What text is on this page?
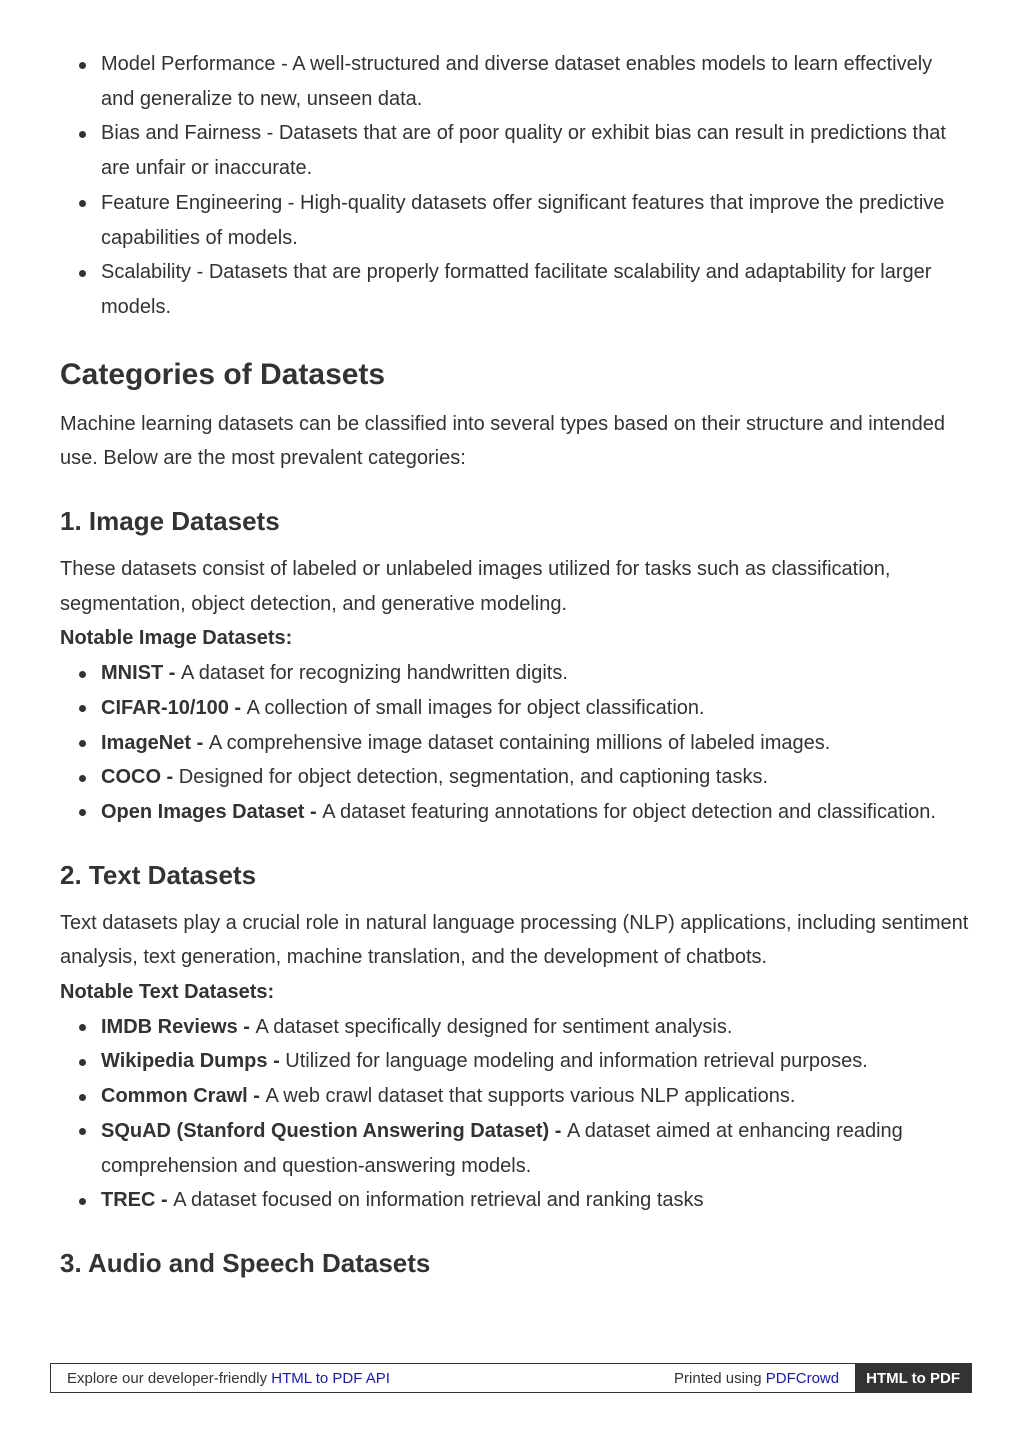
Model Performance - A well-structured and diverse dataset enables models to learn effectively and generalize to new, unseen data.
Bias and Fairness - Datasets that are of poor quality or exhibit bias can result in predictions that are unfair or inaccurate.
Feature Engineering - High-quality datasets offer significant features that improve the predictive capabilities of models.
Scalability - Datasets that are properly formatted facilitate scalability and adaptability for larger models.
Categories of Datasets

Machine learning datasets can be classified into several types based on their structure and intended use. Below are the most prevalent categories:

1. Image Datasets

These datasets consist of labeled or unlabeled images utilized for tasks such as classification, segmentation, object detection, and generative modeling.

Notable Image Datasets:
MNIST - A dataset for recognizing handwritten digits.
CIFAR-10/100 - A collection of small images for object classification.
ImageNet - A comprehensive image dataset containing millions of labeled images.
COCO - Designed for object detection, segmentation, and captioning tasks.
Open Images Dataset - A dataset featuring annotations for object detection and classification.
2. Text Datasets

Text datasets play a crucial role in natural language processing (NLP) applications, including sentiment analysis, text generation, machine translation, and the development of chatbots.

Notable Text Datasets:
IMDB Reviews - A dataset specifically designed for sentiment analysis.
Wikipedia Dumps - Utilized for language modeling and information retrieval purposes.
Common Crawl - A web crawl dataset that supports various NLP applications.
SQuAD (Stanford Question Answering Dataset) - A dataset aimed at enhancing reading comprehension and question-answering models.
TREC - A dataset focused on information retrieval and ranking tasks
3. Audio and Speech Datasets
Explore our developer-friendly HTML to PDF API	Printed using PDFCrowd	HTML to PDF
